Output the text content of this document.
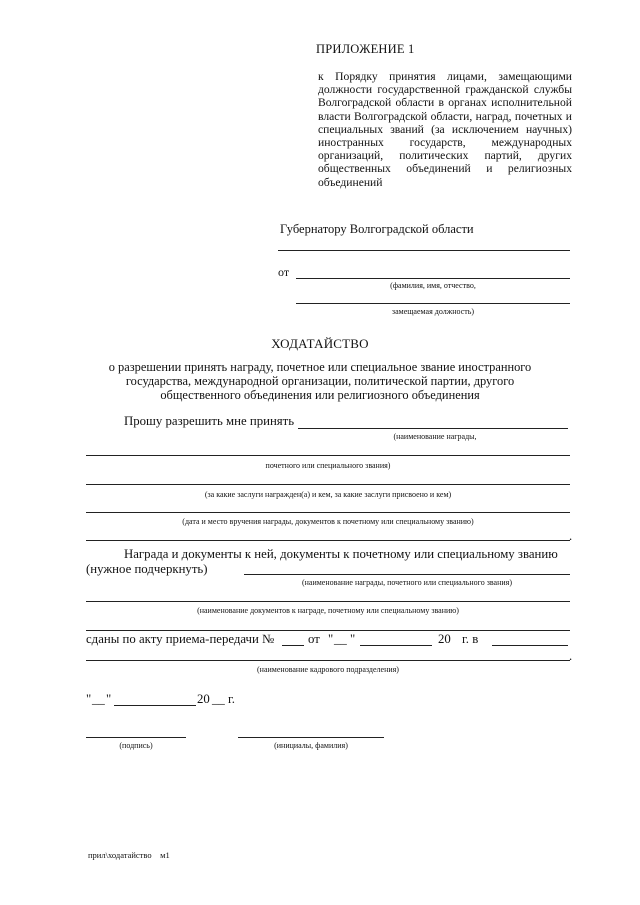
ПРИЛОЖЕНИЕ 1
к Порядку принятия лицами, замещающими должности государственной гражданской службы Волгоградской области в органах исполнительной власти Волгоградской области, наград, почетных и специальных званий (за исключением научных) иностранных государств, международных организаций, политических партий, других общественных объединений и религиозных объединений
Губернатору Волгоградской области
от
(фамилия, имя, отчество,
замещаемая должность)
ХОДАТАЙСТВО
о разрешении принять награду, почетное или специальное звание иностранного государства, международной организации, политической партии, другого общественного объединения или религиозного объединения
Прошу разрешить мне принять
(наименование награды,
почетного или специального звания)
(за какие заслуги награжден(а) и кем, за какие заслуги присвоено и кем)
(дата и место вручения награды, документов к почетному или специальному званию)
.
Награда и документы к ней, документы к почетному или специальному званию
(нужное подчеркнуть)
(наименование награды, почетного или специального звания)
(наименование документов к награде, почетному или специальному званию)
сданы по акту приема-передачи №	от " __ "	20 г. в
.
(наименование кадрового подразделения)
" __ "	20 __ г.
(подпись)	(инициалы, фамилия)
прил\ходатайство м1
